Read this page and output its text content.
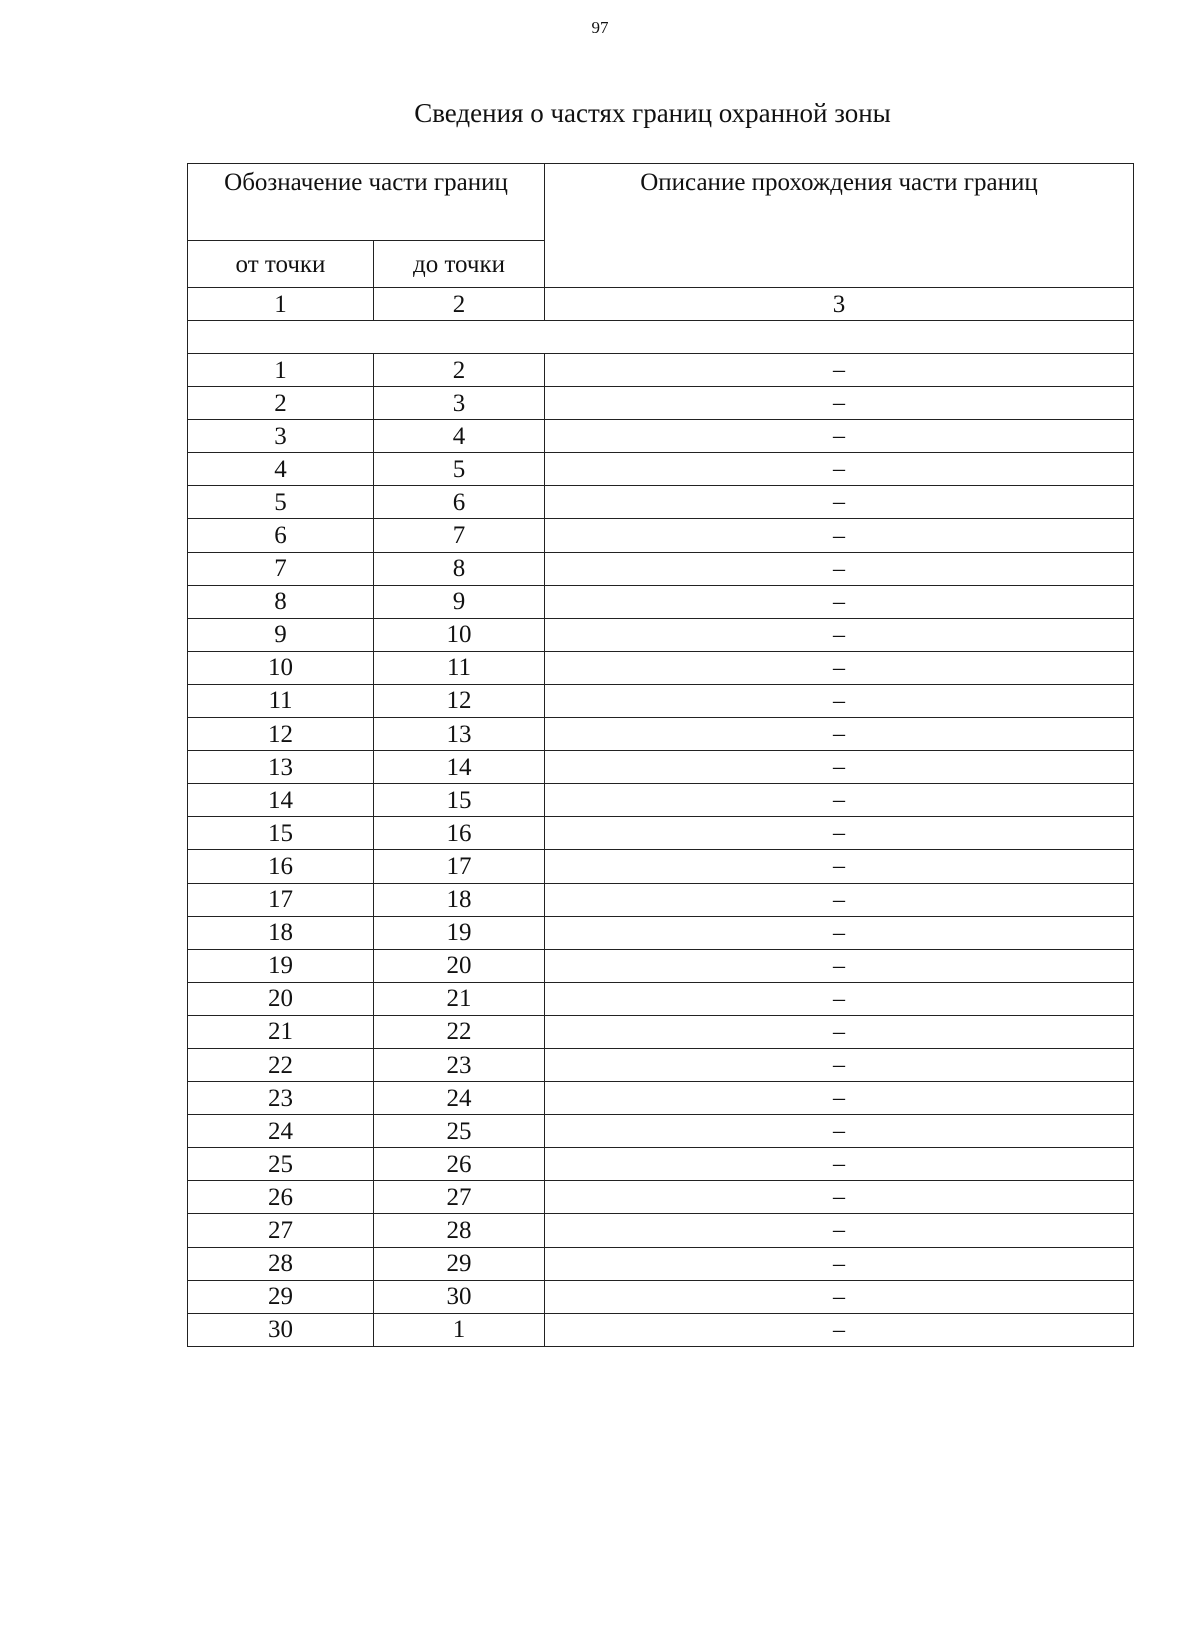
97
Сведения о частях границ охранной зоны
Обозначение части границ		Описание прохождения части границ
от точки	до точки	
1	2	3

1	2	–
2	3	–
3	4	–
4	5	–
5	6	–
6	7	–
7	8	–
8	9	–
9	10	–
10	11	–
11	12	–
12	13	–
13	14	–
14	15	–
15	16	–
16	17	–
17	18	–
18	19	–
19	20	–
20	21	–
21	22	–
22	23	–
23	24	–
24	25	–
25	26	–
26	27	–
27	28	–
28	29	–
29	30	–
30	1	–
